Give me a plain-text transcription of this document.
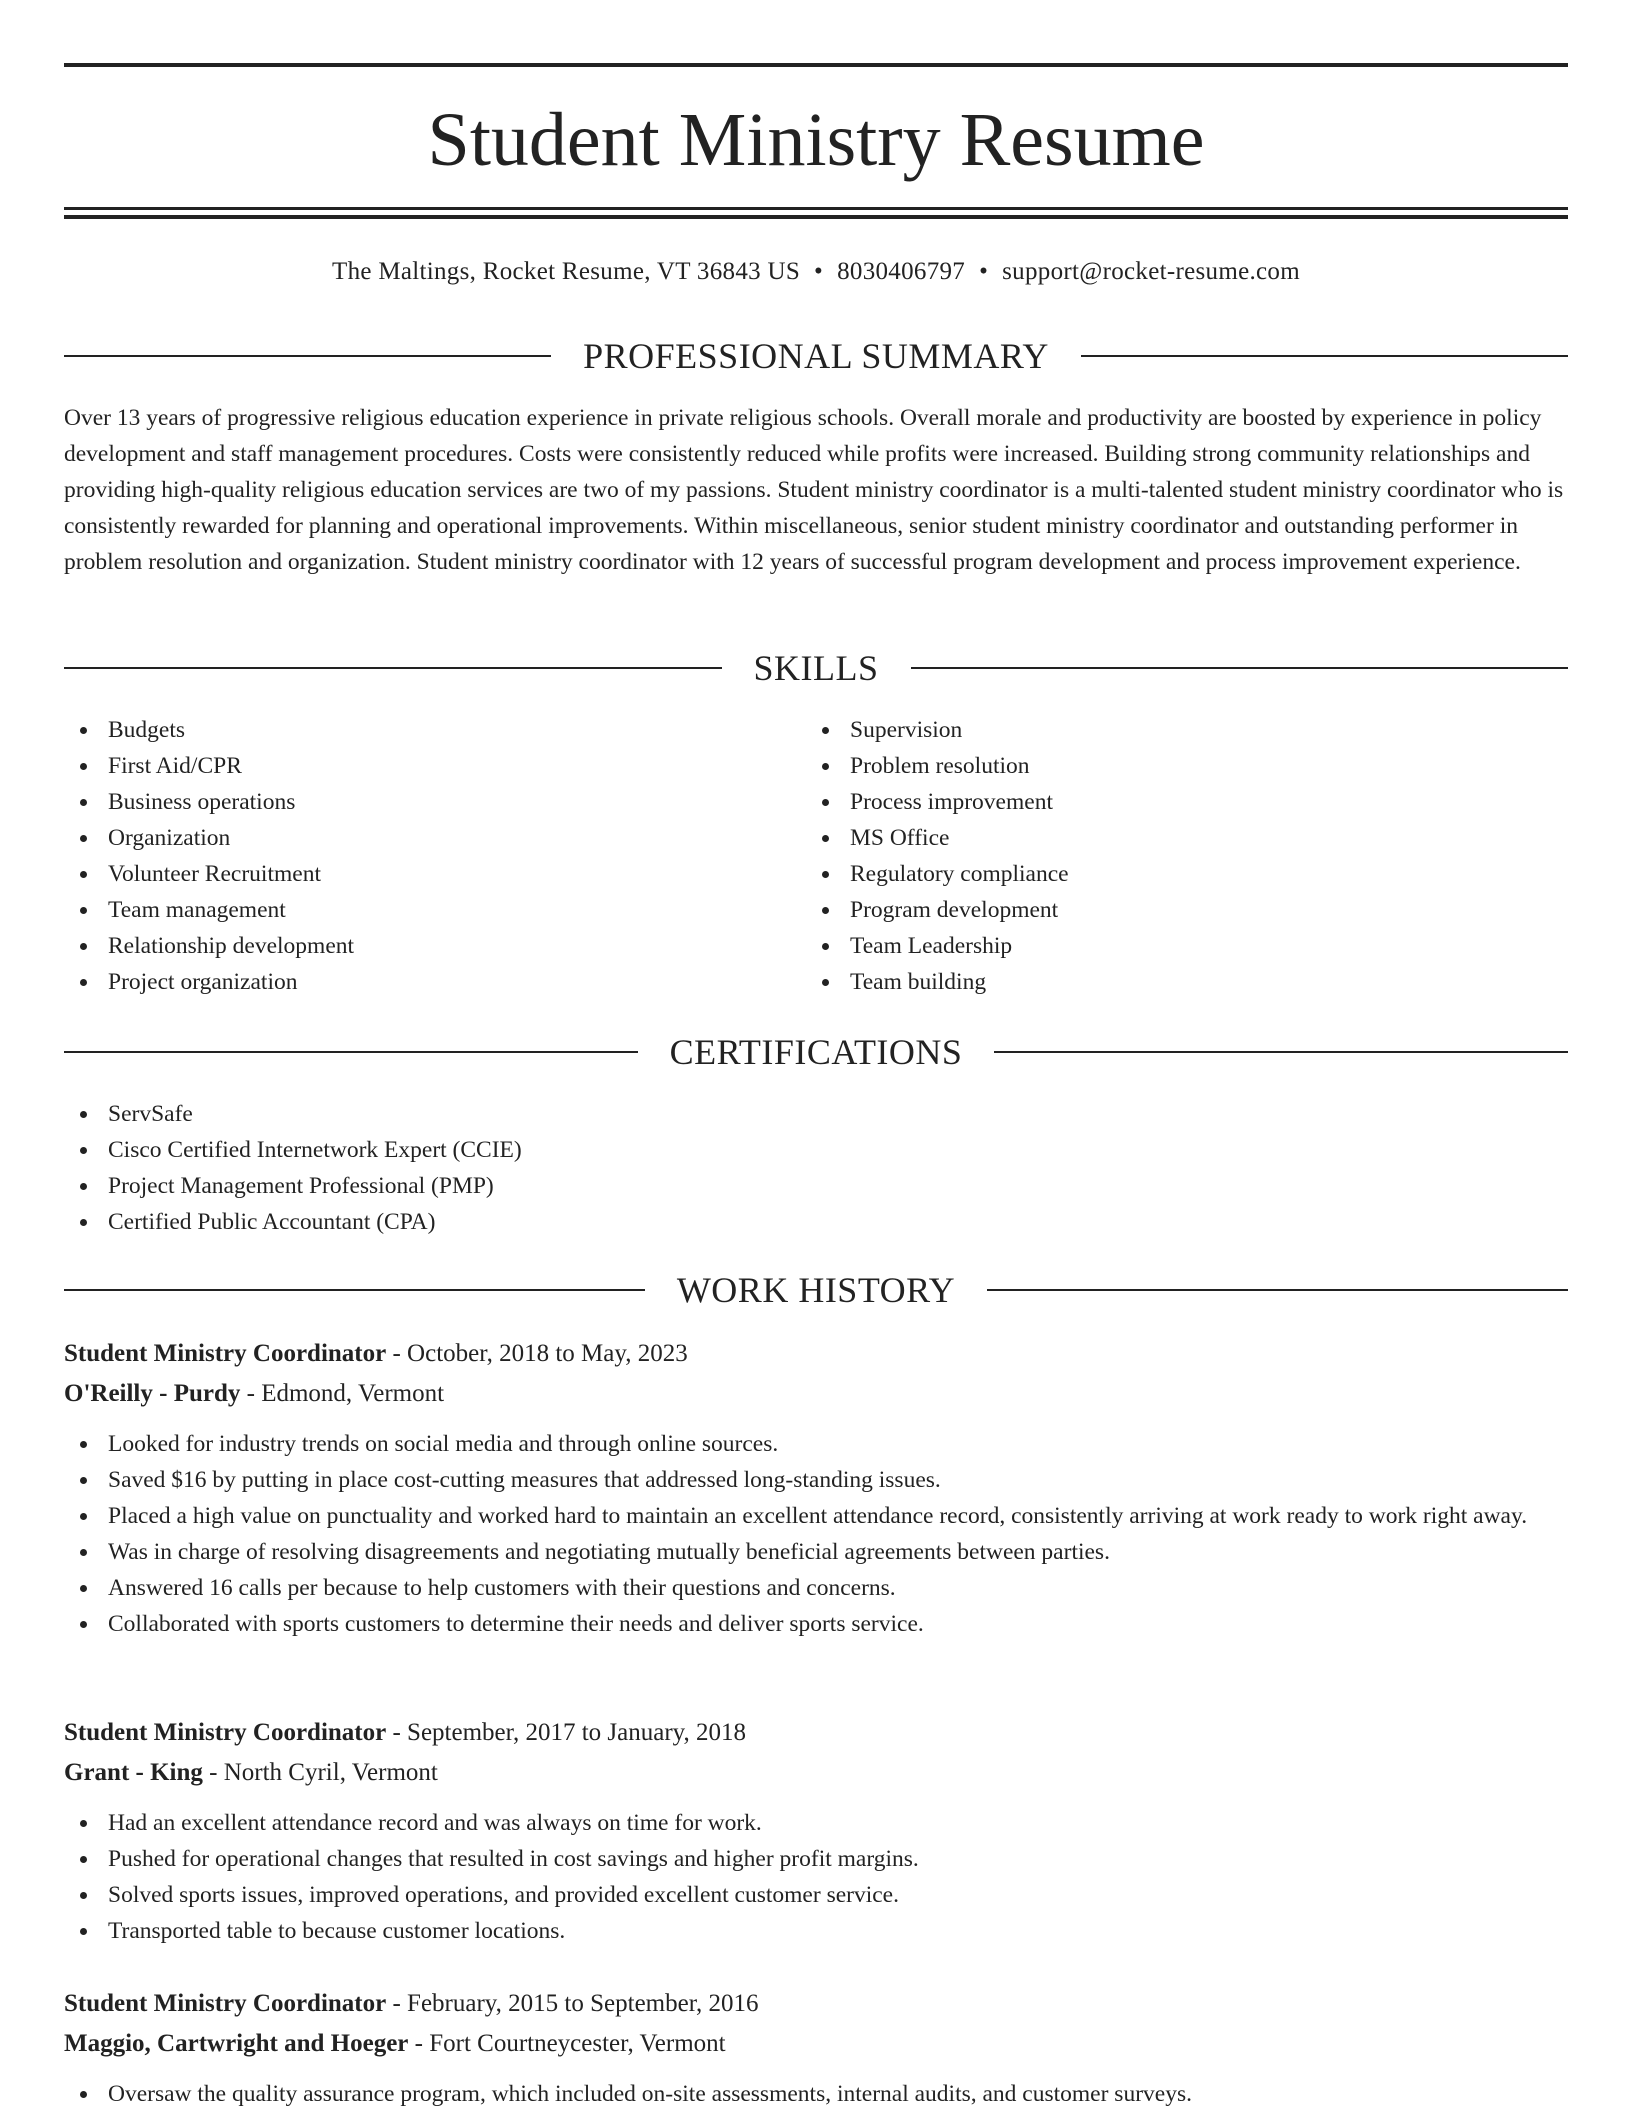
Student Ministry Resume
The Maltings, Rocket Resume, VT 36843 US • 8030406797 • support@rocket-resume.com
PROFESSIONAL SUMMARY

Over 13 years of progressive religious education experience in private religious schools. Overall morale and productivity are boosted by experience in policy development and staff management procedures. Costs were consistently reduced while profits were increased. Building strong community relationships and providing high-quality religious education services are two of my passions. Student ministry coordinator is a multi-talented student ministry coordinator who is consistently rewarded for planning and operational improvements. Within miscellaneous, senior student ministry coordinator and outstanding performer in problem resolution and organization. Student ministry coordinator with 12 years of successful program development and process improvement experience.

SKILLS
Budgets
First Aid/CPR
Business operations
Organization
Volunteer Recruitment
Team management
Relationship development
Project organization
Supervision
Problem resolution
Process improvement
MS Office
Regulatory compliance
Program development
Team Leadership
Team building
CERTIFICATIONS
ServSafe
Cisco Certified Internetwork Expert (CCIE)
Project Management Professional (PMP)
Certified Public Accountant (CPA)
WORK HISTORY
Student Ministry Coordinator - October, 2018 to May, 2023
O'Reilly - Purdy - Edmond, Vermont
Looked for industry trends on social media and through online sources.
Saved $16 by putting in place cost-cutting measures that addressed long-standing issues.
Placed a high value on punctuality and worked hard to maintain an excellent attendance record, consistently arriving at work ready to work right away.
Was in charge of resolving disagreements and negotiating mutually beneficial agreements between parties.
Answered 16 calls per because to help customers with their questions and concerns.
Collaborated with sports customers to determine their needs and deliver sports service.
Student Ministry Coordinator - September, 2017 to January, 2018
Grant - King - North Cyril, Vermont
Had an excellent attendance record and was always on time for work.
Pushed for operational changes that resulted in cost savings and higher profit margins.
Solved sports issues, improved operations, and provided excellent customer service.
Transported table to because customer locations.
Student Ministry Coordinator - February, 2015 to September, 2016
Maggio, Cartwright and Hoeger - Fort Courtneycester, Vermont
Oversaw the quality assurance program, which included on-site assessments, internal audits, and customer surveys.
